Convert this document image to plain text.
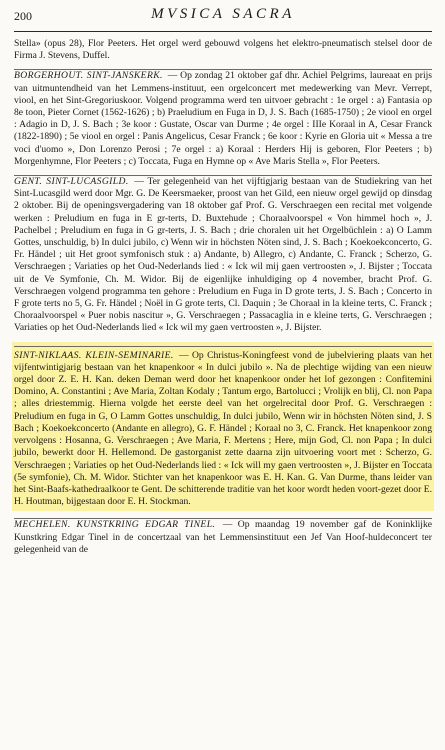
200	MVSICA SACRA

Stella» (opus 28), Flor Peeters. Het orgel werd gebouwd volgens het elektro-pneumatisch stelsel door de Firma J. Stevens, Duffel.

BORGERHOUT. SINT-JANSKERK. — Op zondag 21 oktober gaf dhr. Achiel Pelgrims, laureaat en prijs van uitmuntendheid van het Lemmens-instituut, een orgelconcert met medewerking van Mevr. Verrept, viool, en het Sint-Gregoriuskoor. Volgend programma werd ten uitvoer gebracht : 1e orgel : a) Fantasia op 8e toon, Pieter Cornet (1562-1626) ; b) Praeludium en Fuga in D, J. S. Bach (1685-1750) ; 2e viool en orgel : Adagio in D, J. S. Bach ; 3e koor : Gustate, Oscar van Durme ; 4e orgel : IIIe Koraal in A, Cesar Franck (1822-1890) ; 5e viool en orgel : Panis Angelicus, Cesar Franck ; 6e koor : Kyrie en Gloria uit « Messa a tre voci d'uomo », Don Lorenzo Perosi ; 7e orgel : a) Koraal : Herders Hij is geboren, Flor Peeters ; b) Morgenhymne, Flor Peeters ; c) Toccata, Fuga en Hymne op « Ave Maris Stella », Flor Peeters.

GENT. SINT-LUCASGILD. — Ter gelegenheid van het vijftigjarig bestaan van de Studiekring van het Sint-Lucasgild werd door Mgr. G. De Keersmaeker, proost van het Gild, een nieuw orgel gewijd op dinsdag 2 oktober. Bij de openingsvergadering van 18 oktober gaf Prof. G. Verschraegen een recital met volgende werken : Preludium en fuga in E gr-terts, D. Buxtehude ; Choraalvoorspel « Von himmel hoch », J. Pachelbel ; Preludium en fuga in G gr-terts, J. S. Bach ; drie choralen uit het Orgelbüchlein : a) O Lamm Gottes, unschuldig, b) In dulci jubilo, c) Wenn wir in höchsten Nöten sind, J. S. Bach ; Koekoekconcerto, G. Fr. Händel ; uit Het groot symfonisch stuk : a) Andante, b) Allegro, c) Andante, C. Franck ; Scherzo, G. Verschraegen ; Variaties op het Oud-Nederlands lied : « Ick wil mij gaen vertroosten », J. Bijster ; Toccata uit de Ve Symfonie, Ch. M. Widor. Bij de eigenlijke inhuldiging op 4 november, bracht Prof. G. Verschraegen volgend programma ten gehore : Preludium en Fuga in D grote terts, J. S. Bach ; Concerto in F grote terts no 5, G. Fr. Händel ; Noël in G grote terts, Cl. Daquin ; 3e Choraal in la kleine terts, C. Franck ; Choraalvoorspel « Puer nobis nascitur », G. Verschraegen ; Passacaglia in e kleine terts, G. Verschraegen ; Variaties op het Oud-Nederlands lied « Ick wil my gaen vertroosten », J. Bijster.

SINT-NIKLAAS. KLEIN-SEMINARIE. — Op Christus-Koningfeest vond de jubelviering plaats van het vijfentwintigjarig bestaan van het knapenkoor « In dulci jubilo ». Na de plechtige wijding van een nieuw orgel door Z. E. H. Kan. deken Deman werd door het knapenkoor onder het lof gezongen : Confitemini Domino, A. Constantini ; Ave Maria, Zoltan Kodaly ; Tantum ergo, Bartolucci ; Vrolijk en blij, Cl. non Papa ; alles driestemmig. Hierna volgde het eerste deel van het orgelrecital door Prof. G. Verschraegen : Preludium en fuga in G, O Lamm Gottes unschuldig, In dulci jubilo, Wenn wir in höchsten Nöten sind, J. S Bach ; Koekoekconcerto (Andante en allegro), G. F. Händel ; Koraal no 3, C. Franck. Het knapenkoor zong vervolgens : Hosanna, G. Verschraegen ; Ave Maria, F. Mertens ; Here, mijn God, Cl. non Papa ; In dulci jubilo, bewerkt door H. Hellemond. De gastorganist zette daarna zijn uitvoering voort met : Scherzo, G. Verschraegen ; Variaties op het Oud-Nederlands lied : « Ick will my gaen vertroosten », J. Bijster en Toccata (5e symfonie), Ch. M. Widor. Stichter van het knapenkoor was E. H. Kan. G. Van Durme, thans leider van het Sint-Baafs-kathedraalkoor te Gent. De schitterende traditie van het koor wordt heden voort-gezet door E. H. Houtman, bijgestaan door E. H. Stockman.

MECHELEN. KUNSTKRING EDGAR TINEL. — Op maandag 19 november gaf de Koninklijke Kunstkring Edgar Tinel in de concertzaal van het Lemmensinstituut een Jef Van Hoof-huldeconcert ter gelegenheid van de
